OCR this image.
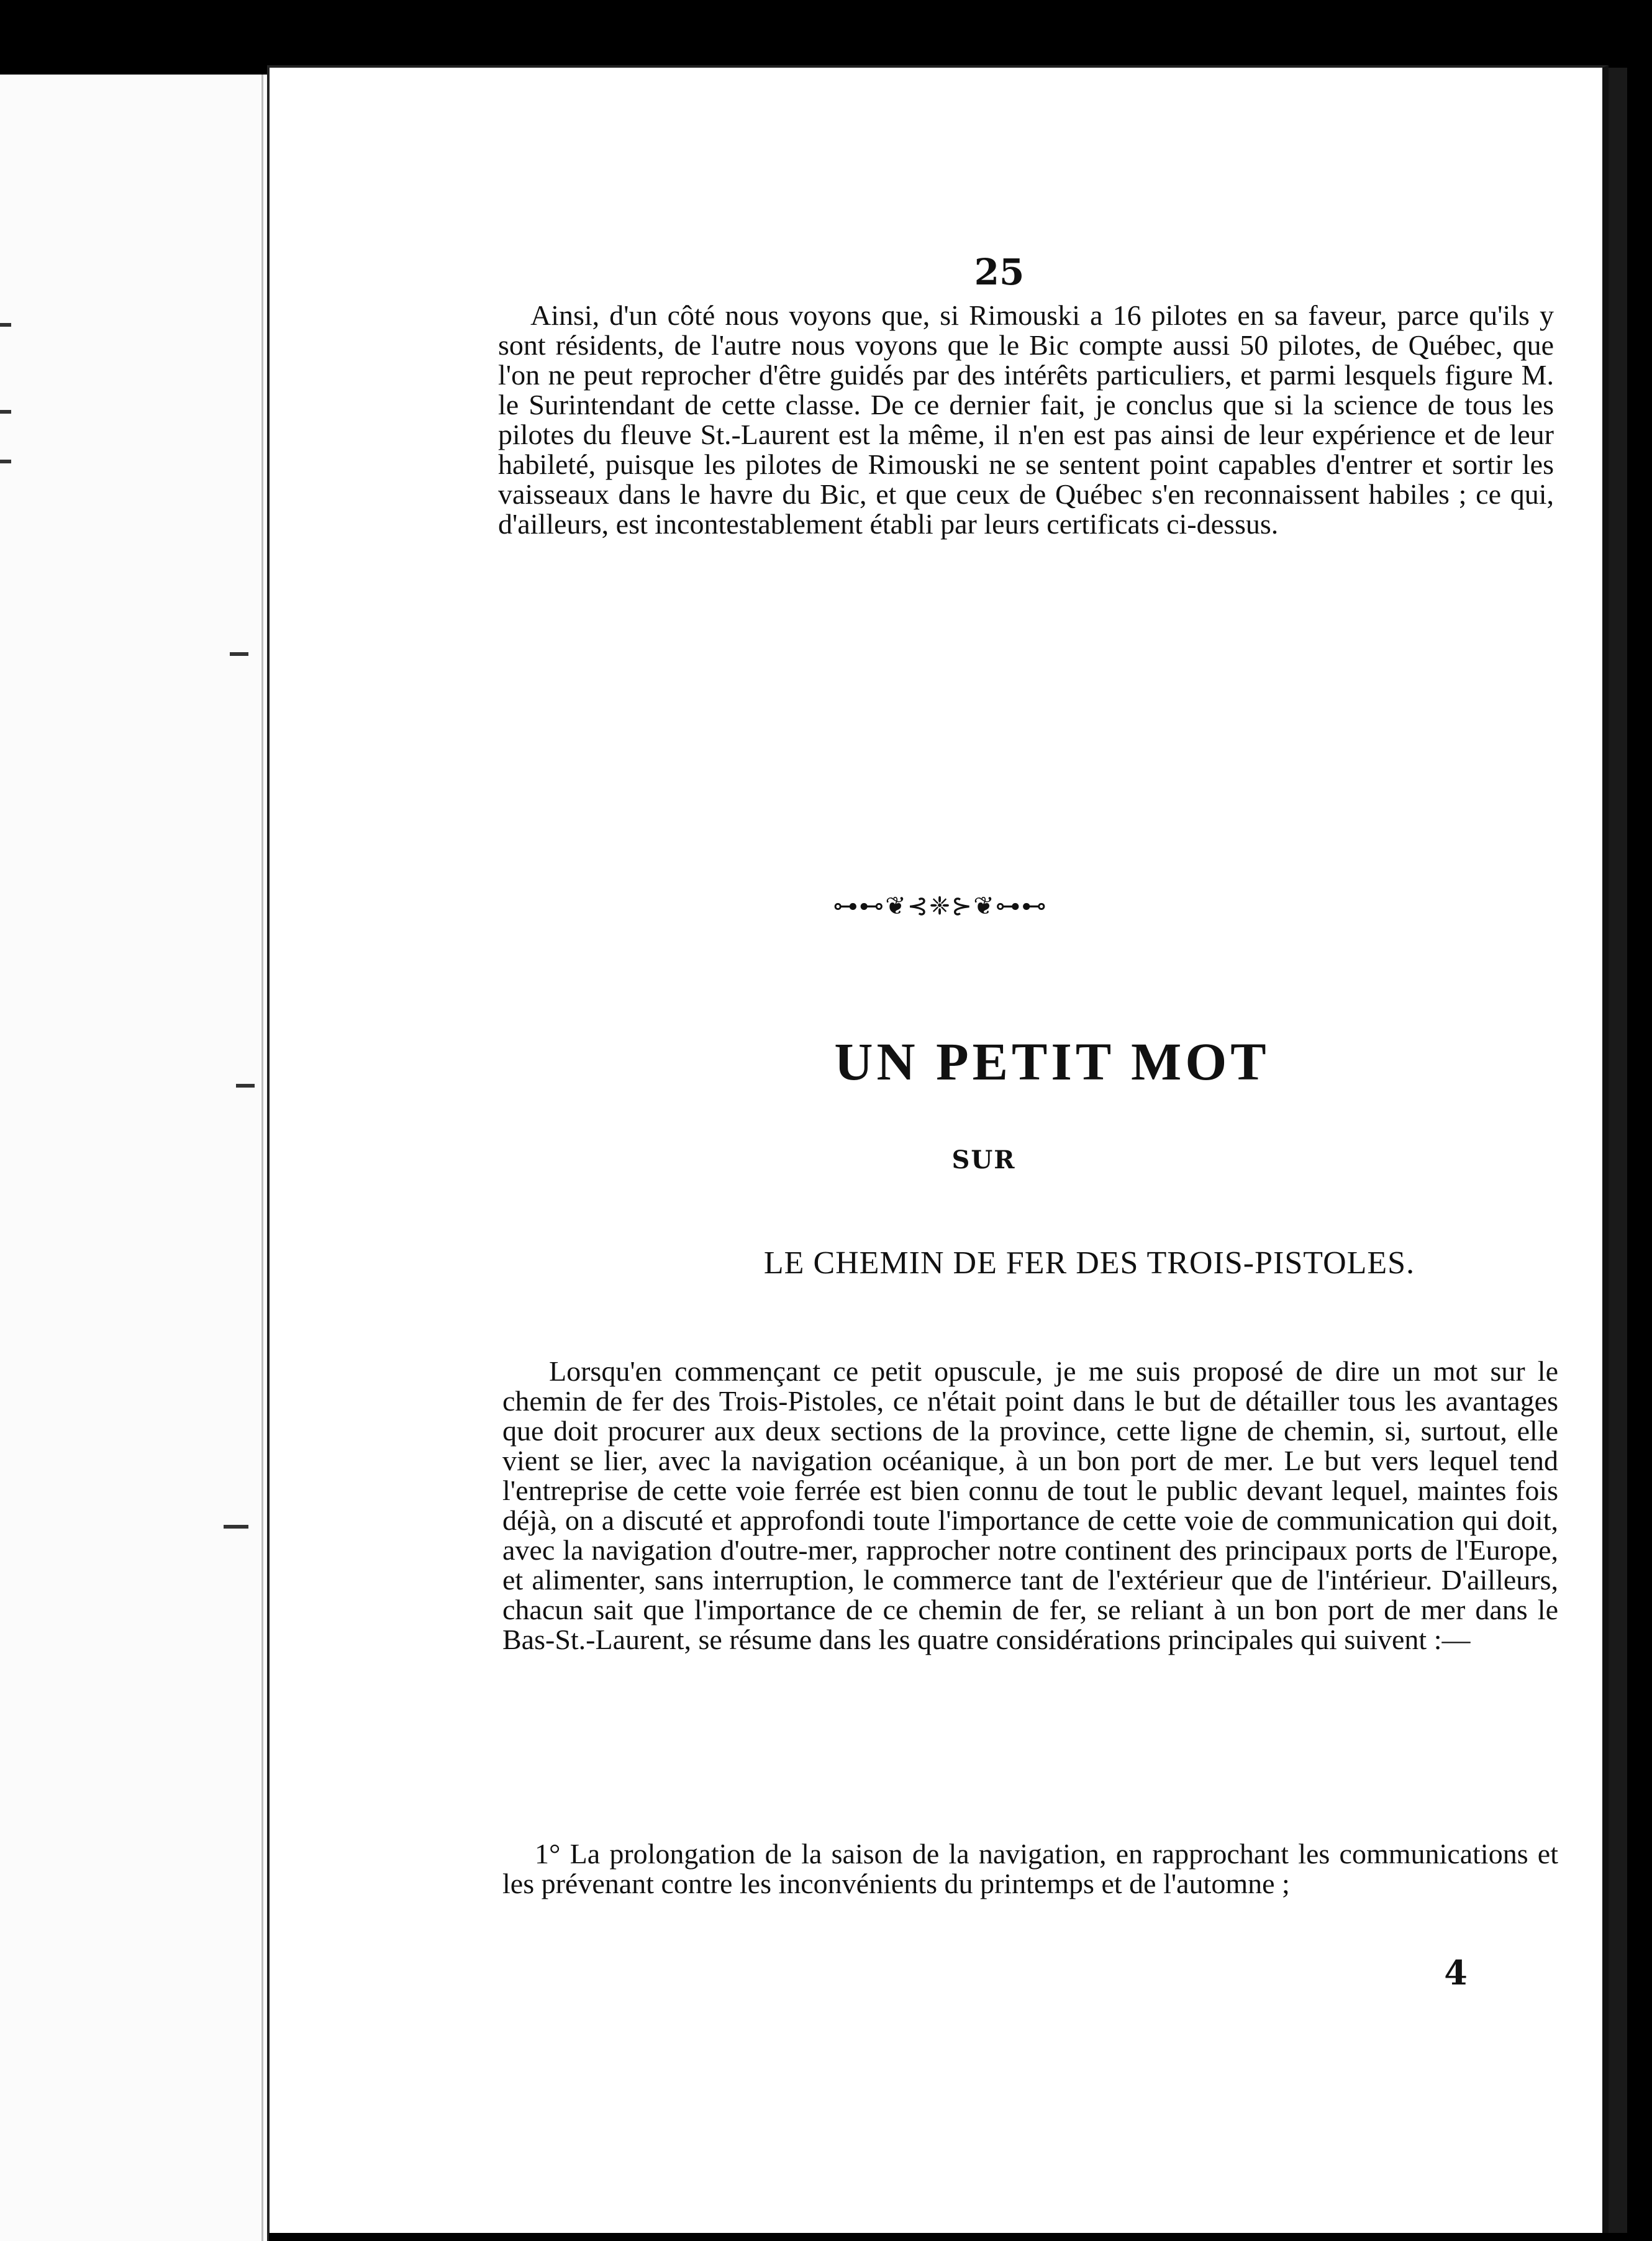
25
Ainsi, d'un côté nous voyons que, si Rimouski a 16 pilotes en sa faveur, parce qu'ils y sont résidents, de l'autre nous voyons que le Bic compte aussi 50 pilotes, de Québec, que l'on ne peut reprocher d'être guidés par des intérêts particuliers, et parmi lesquels figure M. le Surintendant de cette classe. De ce dernier fait, je conclus que si la science de tous les pilotes du fleuve St.-Laurent est la même, il n'en est pas ainsi de leur expérience et de leur habileté, puisque les pilotes de Rimouski ne se sentent point capables d'entrer et sortir les vaisseaux dans le havre du Bic, et que ceux de Québec s'en reconnaissent habiles ; ce qui, d'ailleurs, est incontestablement établi par leurs certificats ci-dessus.
⊶⊷❦⊰❈⊱❦⊶⊷
UN PETIT MOT
SUR
LE CHEMIN DE FER DES TROIS-PISTOLES.
Lorsqu'en commençant ce petit opuscule, je me suis proposé de dire un mot sur le chemin de fer des Trois-Pistoles, ce n'était point dans le but de détailler tous les avantages que doit procurer aux deux sections de la province, cette ligne de chemin, si, surtout, elle vient se lier, avec la navigation océanique, à un bon port de mer. Le but vers lequel tend l'entreprise de cette voie ferrée est bien connu de tout le public devant lequel, maintes fois déjà, on a discuté et approfondi toute l'importance de cette voie de communication qui doit, avec la navigation d'outre-mer, rapprocher notre continent des principaux ports de l'Europe, et alimenter, sans interruption, le commerce tant de l'extérieur que de l'intérieur. D'ailleurs, chacun sait que l'importance de ce chemin de fer, se reliant à un bon port de mer dans le Bas-St.-Laurent, se résume dans les quatre considérations principales qui suivent :—
1° La prolongation de la saison de la navigation, en rapprochant les communications et les prévenant contre les inconvénients du printemps et de l'automne ;
4
